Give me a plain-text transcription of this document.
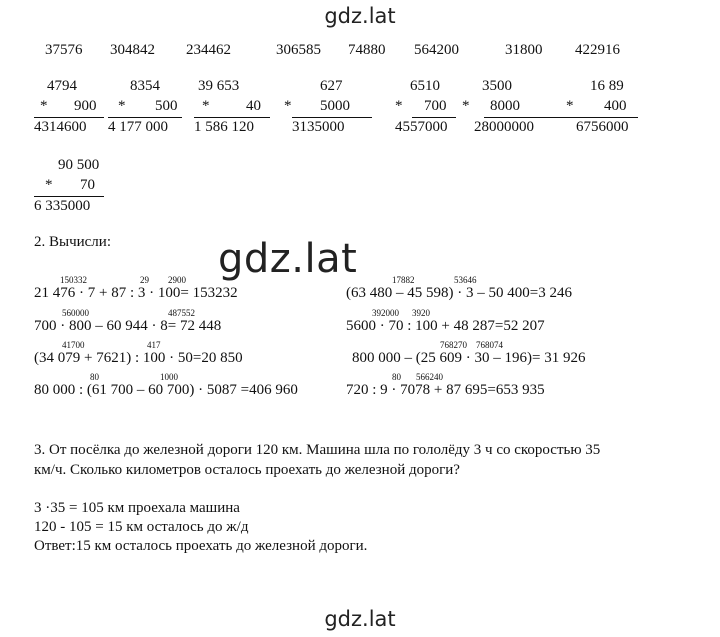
gdz.lat
gdz.lat
gdz.lat
37576 304842 234462	306585 74880 564200	31800 422916
4794
* 900
4314600
8354
* 500
4 177 000
39 653
* 40
1 586 120
627
* 5000
3135000
6510
* 700
4557000
3500
* 8000
28000000
16 89
* 400
6756000
90 500
* 70
6 335000
2. Вычисли:
150332	29 2900
21 476 · 7 + 87 : 3 · 100= 153232
560000	487552
700 · 800 – 60 944 · 8= 72 448
41700	417
(34 079 + 7621) : 100 · 50=20 850
80	1000
80 000 : (61 700 – 60 700) · 5087 =406 960
17882	53646
(63 480 – 45 598) · 3 – 50 400=3 246
392000 3920
5600 · 70 : 100 + 48 287=52 207
768270 768074
800 000 – (25 609 · 30 – 196)= 31 926
80 566240
720 : 9 · 7078 + 87 695=653 935
3. От посёлка до железной дороги 120 км. Машина шла по гололёду 3 ч со скоростью 35
км/ч. Сколько километров осталось проехать до железной дороги?
3 ·35 = 105 км проехала машина
120 - 105 = 15 км осталось до ж/д
Ответ:15 км осталось проехать до железной дороги.
